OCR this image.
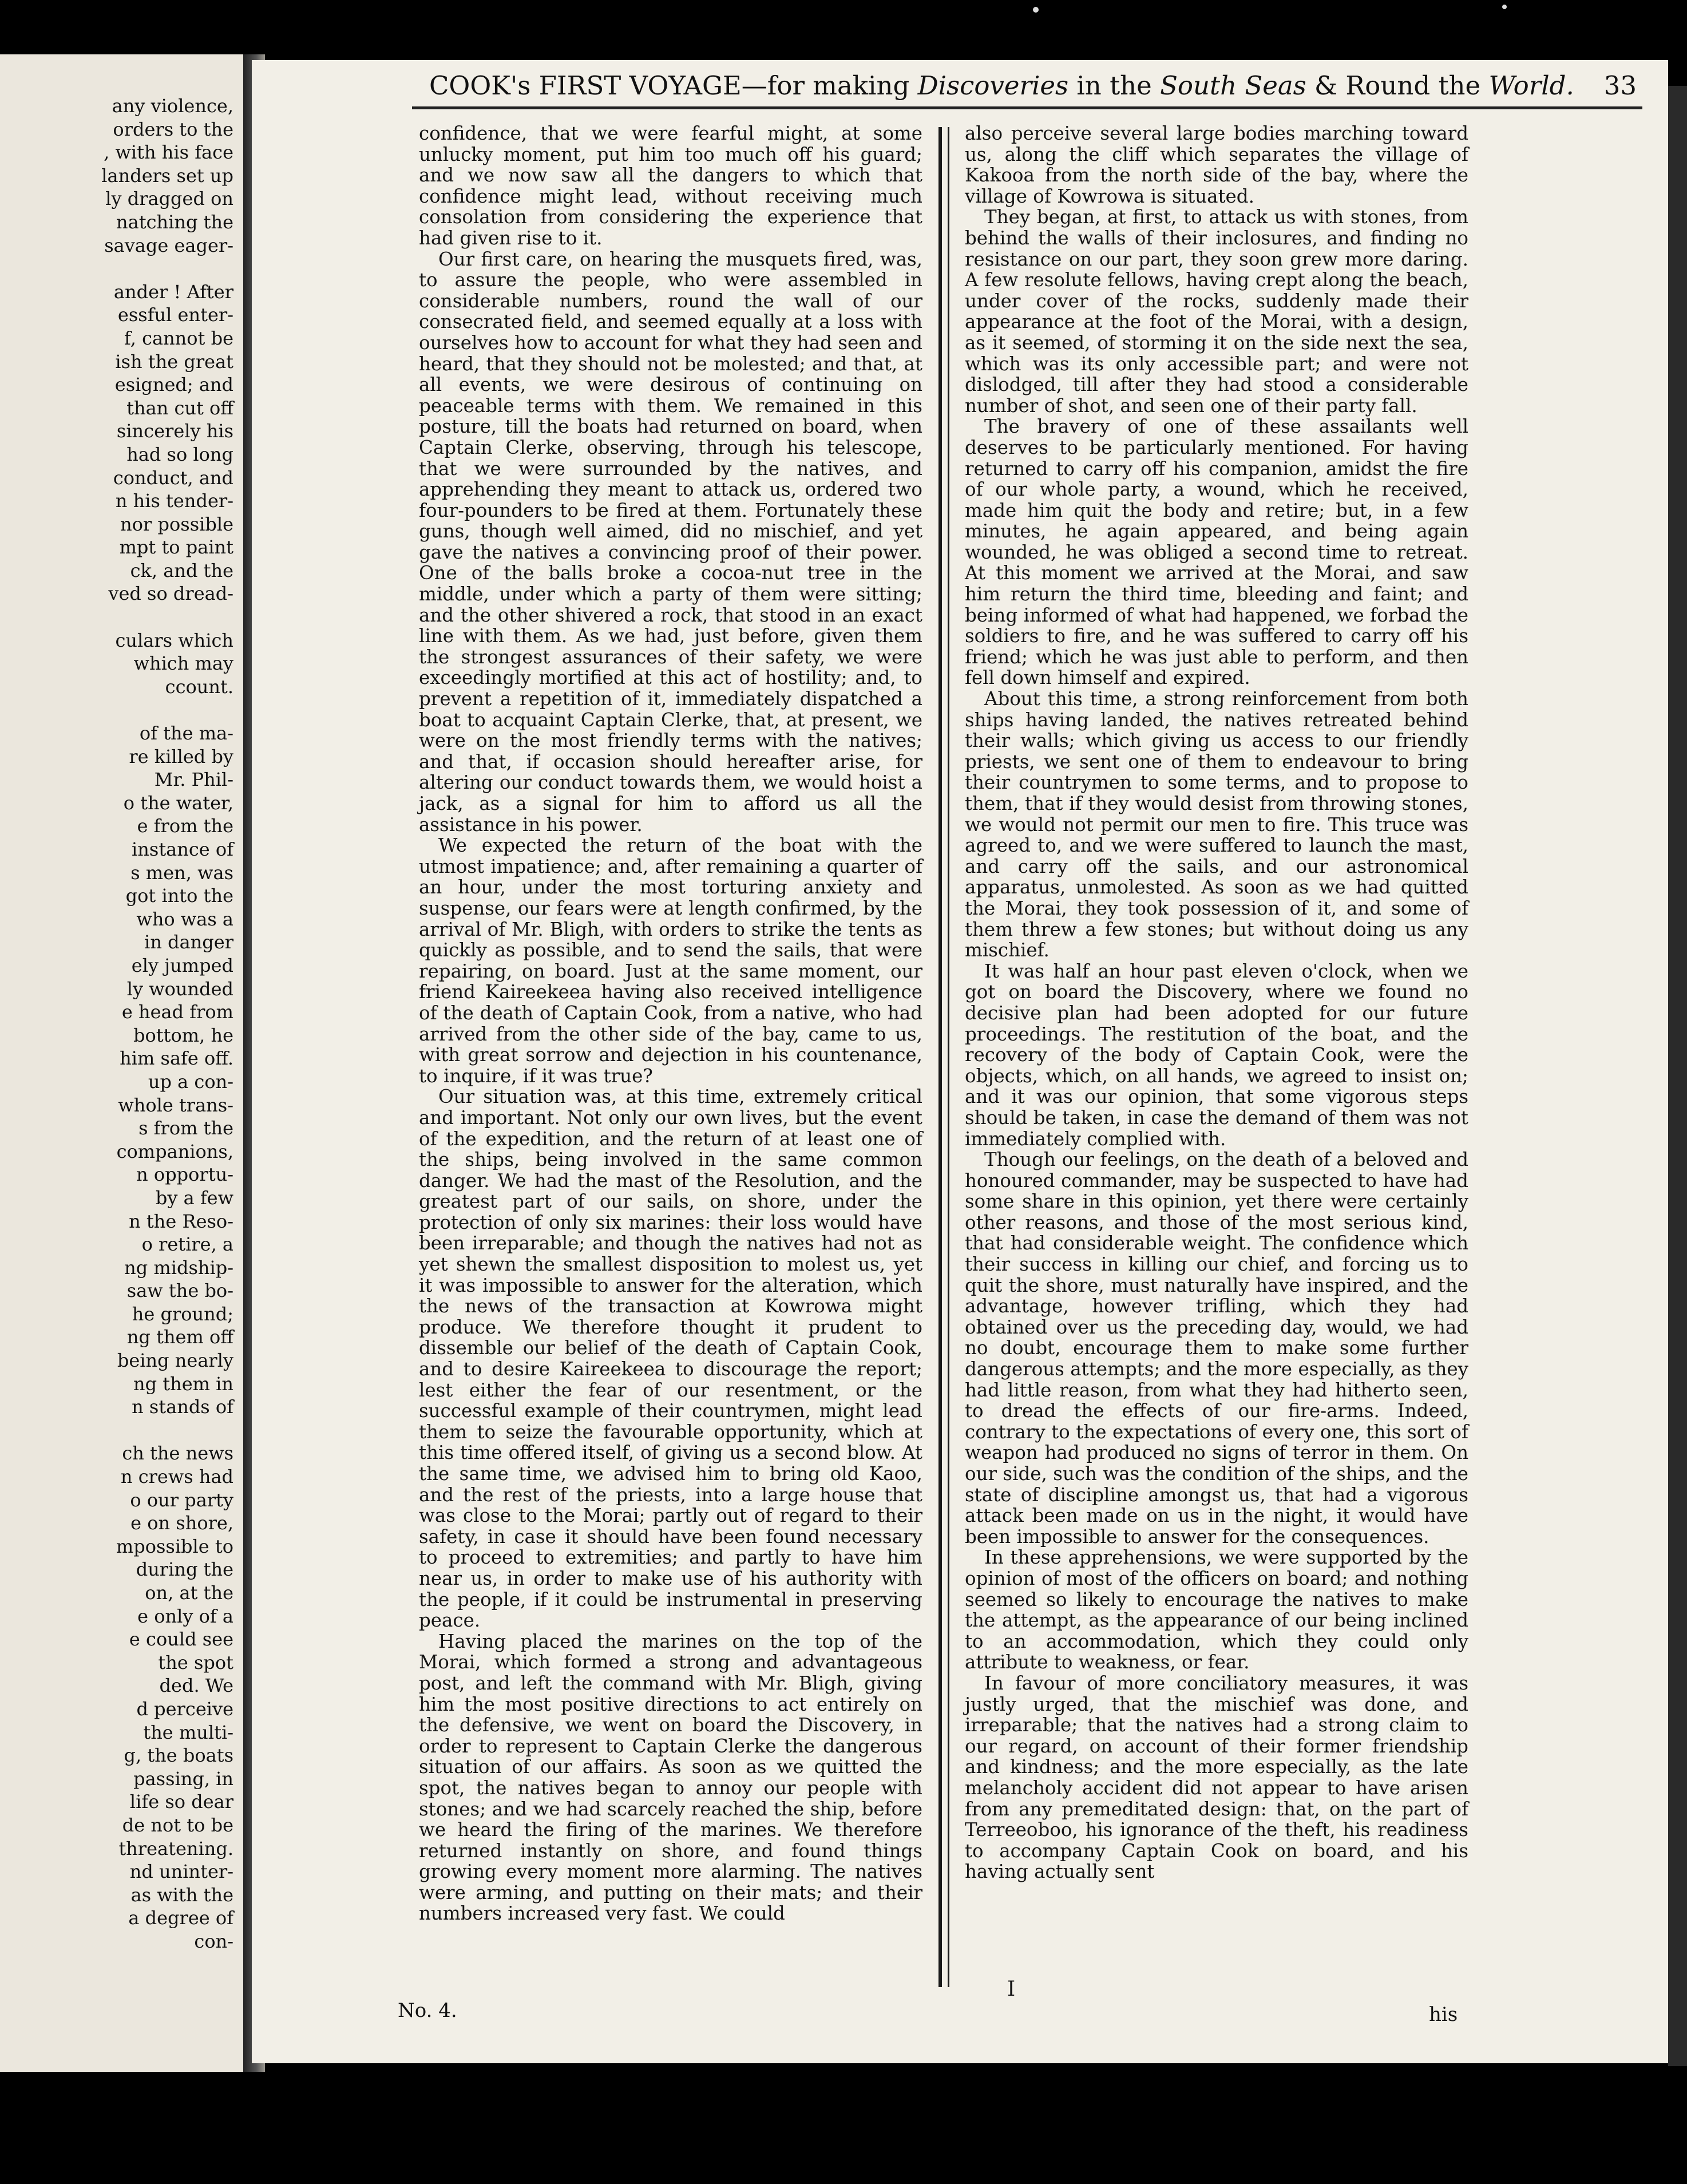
any violence,
orders to the
, with his face
landers set up
ly dragged on
natching the
savage eager-

ander ! After
essful enter-
f, cannot be
ish the great
esigned; and
than cut off
sincerely his
had so long
conduct, and
n his tender-
nor possible
mpt to paint
ck, and the
ved so dread-

culars which
which may
ccount.

of the ma-
re killed by
Mr. Phil-
o the water,
e from the
instance of
s men, was
got into the
who was a
in danger
ely jumped
ly wounded
e head from
bottom, he
him safe off.
up a con-
whole trans-
s from the
companions,
n opportu-
by a few
n the Reso-
o retire, a
ng midship-
saw the bo-
he ground;
ng them off
being nearly
ng them in
n stands of

ch the news
n crews had
o our party
e on shore,
mpossible to
during the
on, at the
e only of a
e could see
the spot
ded. We
d perceive
the multi-
g, the boats
passing, in
life so dear
de not to be
threatening.
nd uninter-
as with the
a degree of
con-
COOK's FIRST VOYAGE—for making Discoveries in the South Seas & Round the World. 33

confidence, that we were fearful might, at some unlucky moment, put him too much off his guard; and we now saw all the dangers to which that confidence might lead, without receiving much consolation from considering the experience that had given rise to it.

Our first care, on hearing the musquets fired, was, to assure the people, who were assembled in considerable numbers, round the wall of our consecrated field, and seemed equally at a loss with ourselves how to account for what they had seen and heard, that they should not be molested; and that, at all events, we were desirous of continuing on peaceable terms with them. We remained in this posture, till the boats had returned on board, when Captain Clerke, observing, through his telescope, that we were surrounded by the natives, and apprehending they meant to attack us, ordered two four-pounders to be fired at them. Fortunately these guns, though well aimed, did no mischief, and yet gave the natives a convincing proof of their power. One of the balls broke a cocoa-nut tree in the middle, under which a party of them were sitting; and the other shivered a rock, that stood in an exact line with them. As we had, just before, given them the strongest assurances of their safety, we were exceedingly mortified at this act of hostility; and, to prevent a repetition of it, immediately dispatched a boat to acquaint Captain Clerke, that, at present, we were on the most friendly terms with the natives; and that, if occasion should hereafter arise, for altering our conduct towards them, we would hoist a jack, as a signal for him to afford us all the assistance in his power.

We expected the return of the boat with the utmost impatience; and, after remaining a quarter of an hour, under the most torturing anxiety and suspense, our fears were at length confirmed, by the arrival of Mr. Bligh, with orders to strike the tents as quickly as possible, and to send the sails, that were repairing, on board. Just at the same moment, our friend Kaireekeea having also received intelligence of the death of Captain Cook, from a native, who had arrived from the other side of the bay, came to us, with great sorrow and dejection in his countenance, to inquire, if it was true?

Our situation was, at this time, extremely critical and important. Not only our own lives, but the event of the expedition, and the return of at least one of the ships, being involved in the same common danger. We had the mast of the Resolution, and the greatest part of our sails, on shore, under the protection of only six marines: their loss would have been irreparable; and though the natives had not as yet shewn the smallest disposition to molest us, yet it was impossible to answer for the alteration, which the news of the transaction at Kowrowa might produce. We therefore thought it prudent to dissemble our belief of the death of Captain Cook, and to desire Kaireekeea to discourage the report; lest either the fear of our resentment, or the successful example of their countrymen, might lead them to seize the favourable opportunity, which at this time offered itself, of giving us a second blow. At the same time, we advised him to bring old Kaoo, and the rest of the priests, into a large house that was close to the Morai; partly out of regard to their safety, in case it should have been found necessary to proceed to extremities; and partly to have him near us, in order to make use of his authority with the people, if it could be instrumental in preserving peace.

Having placed the marines on the top of the Morai, which formed a strong and advantageous post, and left the command with Mr. Bligh, giving him the most positive directions to act entirely on the defensive, we went on board the Discovery, in order to represent to Captain Clerke the dangerous situation of our affairs. As soon as we quitted the spot, the natives began to annoy our people with stones; and we had scarcely reached the ship, before we heard the firing of the marines. We therefore returned instantly on shore, and found things growing every moment more alarming. The natives were arming, and putting on their mats; and their numbers increased very fast. We could

also perceive several large bodies marching toward us, along the cliff which separates the village of Kakooa from the north side of the bay, where the village of Kowrowa is situated.

They began, at first, to attack us with stones, from behind the walls of their inclosures, and finding no resistance on our part, they soon grew more daring. A few resolute fellows, having crept along the beach, under cover of the rocks, suddenly made their appearance at the foot of the Morai, with a design, as it seemed, of storming it on the side next the sea, which was its only accessible part; and were not dislodged, till after they had stood a considerable number of shot, and seen one of their party fall.

The bravery of one of these assailants well deserves to be particularly mentioned. For having returned to carry off his companion, amidst the fire of our whole party, a wound, which he received, made him quit the body and retire; but, in a few minutes, he again appeared, and being again wounded, he was obliged a second time to retreat. At this moment we arrived at the Morai, and saw him return the third time, bleeding and faint; and being informed of what had happened, we forbad the soldiers to fire, and he was suffered to carry off his friend; which he was just able to perform, and then fell down himself and expired.

About this time, a strong reinforcement from both ships having landed, the natives retreated behind their walls; which giving us access to our friendly priests, we sent one of them to endeavour to bring their countrymen to some terms, and to propose to them, that if they would desist from throwing stones, we would not permit our men to fire. This truce was agreed to, and we were suffered to launch the mast, and carry off the sails, and our astronomical apparatus, unmolested. As soon as we had quitted the Morai, they took possession of it, and some of them threw a few stones; but without doing us any mischief.

It was half an hour past eleven o'clock, when we got on board the Discovery, where we found no decisive plan had been adopted for our future proceedings. The restitution of the boat, and the recovery of the body of Captain Cook, were the objects, which, on all hands, we agreed to insist on; and it was our opinion, that some vigorous steps should be taken, in case the demand of them was not immediately complied with.

Though our feelings, on the death of a beloved and honoured commander, may be suspected to have had some share in this opinion, yet there were certainly other reasons, and those of the most serious kind, that had considerable weight. The confidence which their success in killing our chief, and forcing us to quit the shore, must naturally have inspired, and the advantage, however trifling, which they had obtained over us the preceding day, would, we had no doubt, encourage them to make some further dangerous attempts; and the more especially, as they had little reason, from what they had hitherto seen, to dread the effects of our fire-arms. Indeed, contrary to the expectations of every one, this sort of weapon had produced no signs of terror in them. On our side, such was the condition of the ships, and the state of discipline amongst us, that had a vigorous attack been made on us in the night, it would have been impossible to answer for the consequences.

In these apprehensions, we were supported by the opinion of most of the officers on board; and nothing seemed so likely to encourage the natives to make the attempt, as the appearance of our being inclined to an accommodation, which they could only attribute to weakness, or fear.

In favour of more conciliatory measures, it was justly urged, that the mischief was done, and irreparable; that the natives had a strong claim to our regard, on account of their former friendship and kindness; and the more especially, as the late melancholy accident did not appear to have arisen from any premeditated design: that, on the part of Terreeoboo, his ignorance of the theft, his readiness to accompany Captain Cook on board, and his having actually sent

No. 4.
I
his
